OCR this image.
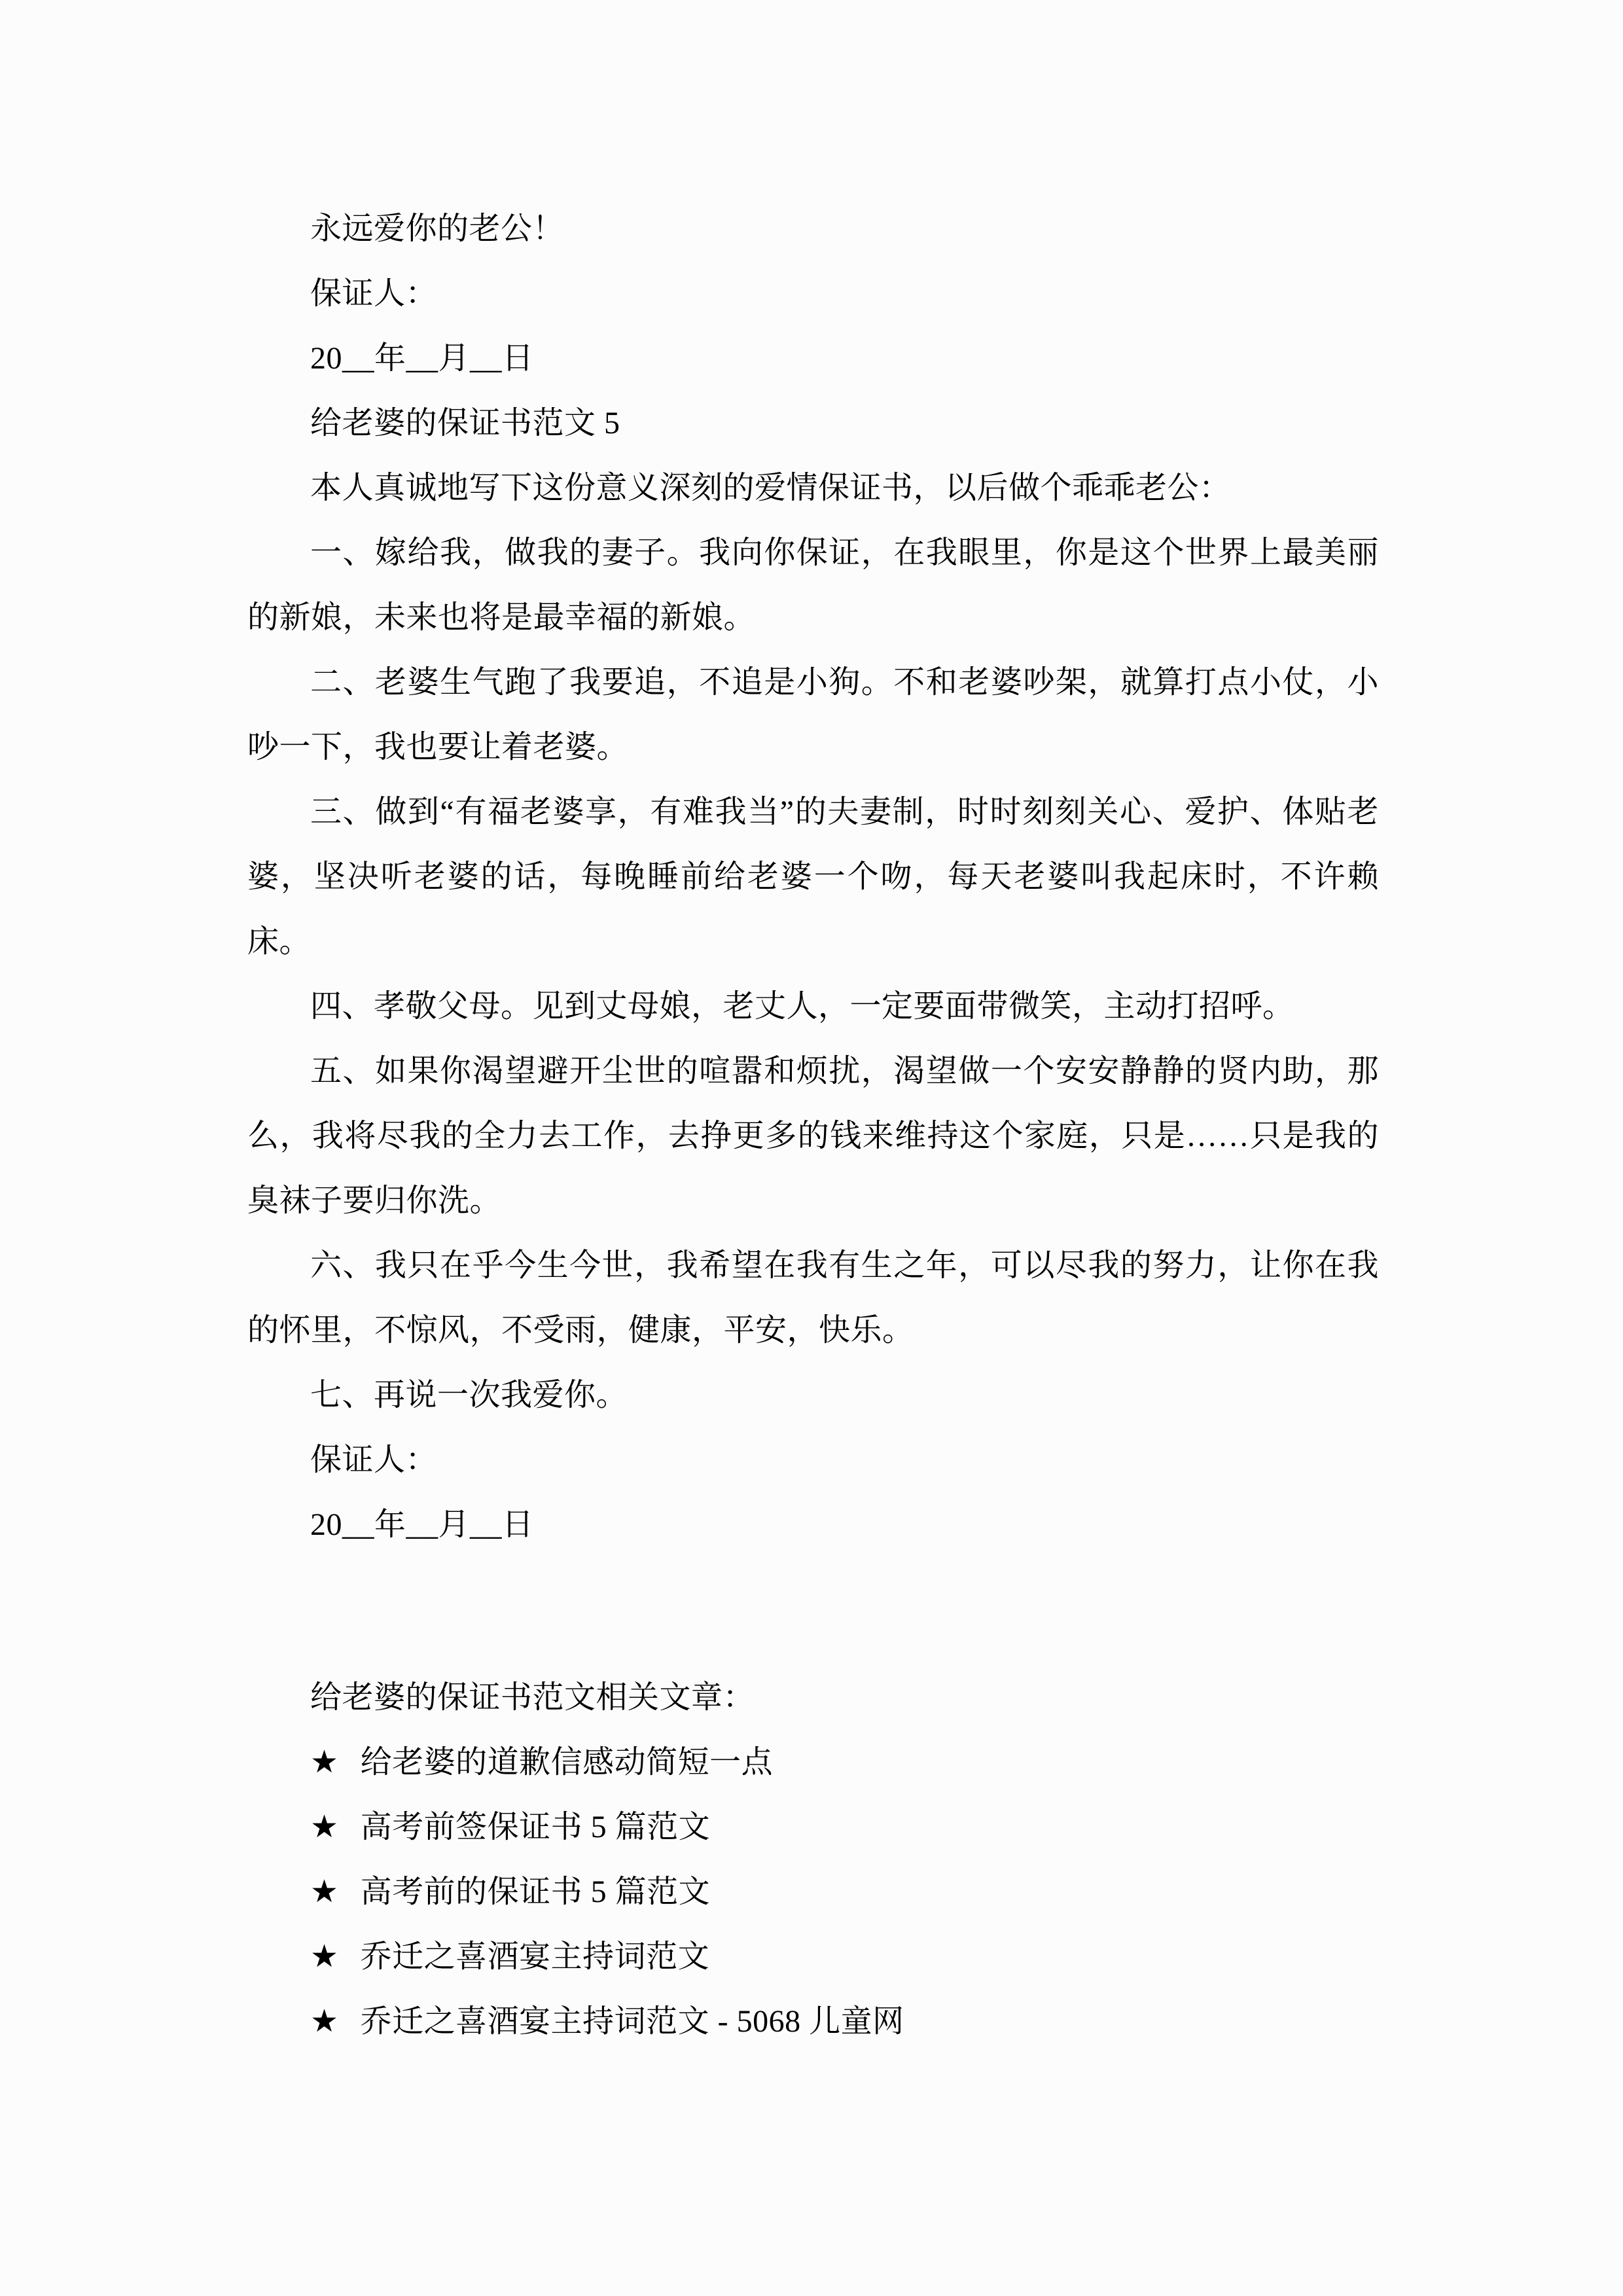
永远爱你的老公！

保证人：

20__年__月__日

给老婆的保证书范文 5

本人真诚地写下这份意义深刻的爱情保证书，以后做个乖乖老公：

一、嫁给我，做我的妻子。我向你保证，在我眼里，你是这个世界上最美丽的新娘，未来也将是最幸福的新娘。

二、老婆生气跑了我要追，不追是小狗。不和老婆吵架，就算打点小仗，小吵一下，我也要让着老婆。

三、做到“有福老婆享，有难我当”的夫妻制，时时刻刻关心、爱护、体贴老婆，坚决听老婆的话，每晚睡前给老婆一个吻，每天老婆叫我起床时，不许赖床。

四、孝敬父母。见到丈母娘，老丈人，一定要面带微笑，主动打招呼。

五、如果你渴望避开尘世的喧嚣和烦扰，渴望做一个安安静静的贤内助，那么，我将尽我的全力去工作，去挣更多的钱来维持这个家庭，只是……只是我的臭袜子要归你洗。

六、我只在乎今生今世，我希望在我有生之年，可以尽我的努力，让你在我的怀里，不惊风，不受雨，健康，平安，快乐。

七、再说一次我爱你。

保证人：

20__年__月__日

给老婆的保证书范文相关文章：

★ 给老婆的道歉信感动简短一点

★ 高考前签保证书 5 篇范文

★ 高考前的保证书 5 篇范文

★ 乔迁之喜酒宴主持词范文

★ 乔迁之喜酒宴主持词范文 - 5068 儿童网
